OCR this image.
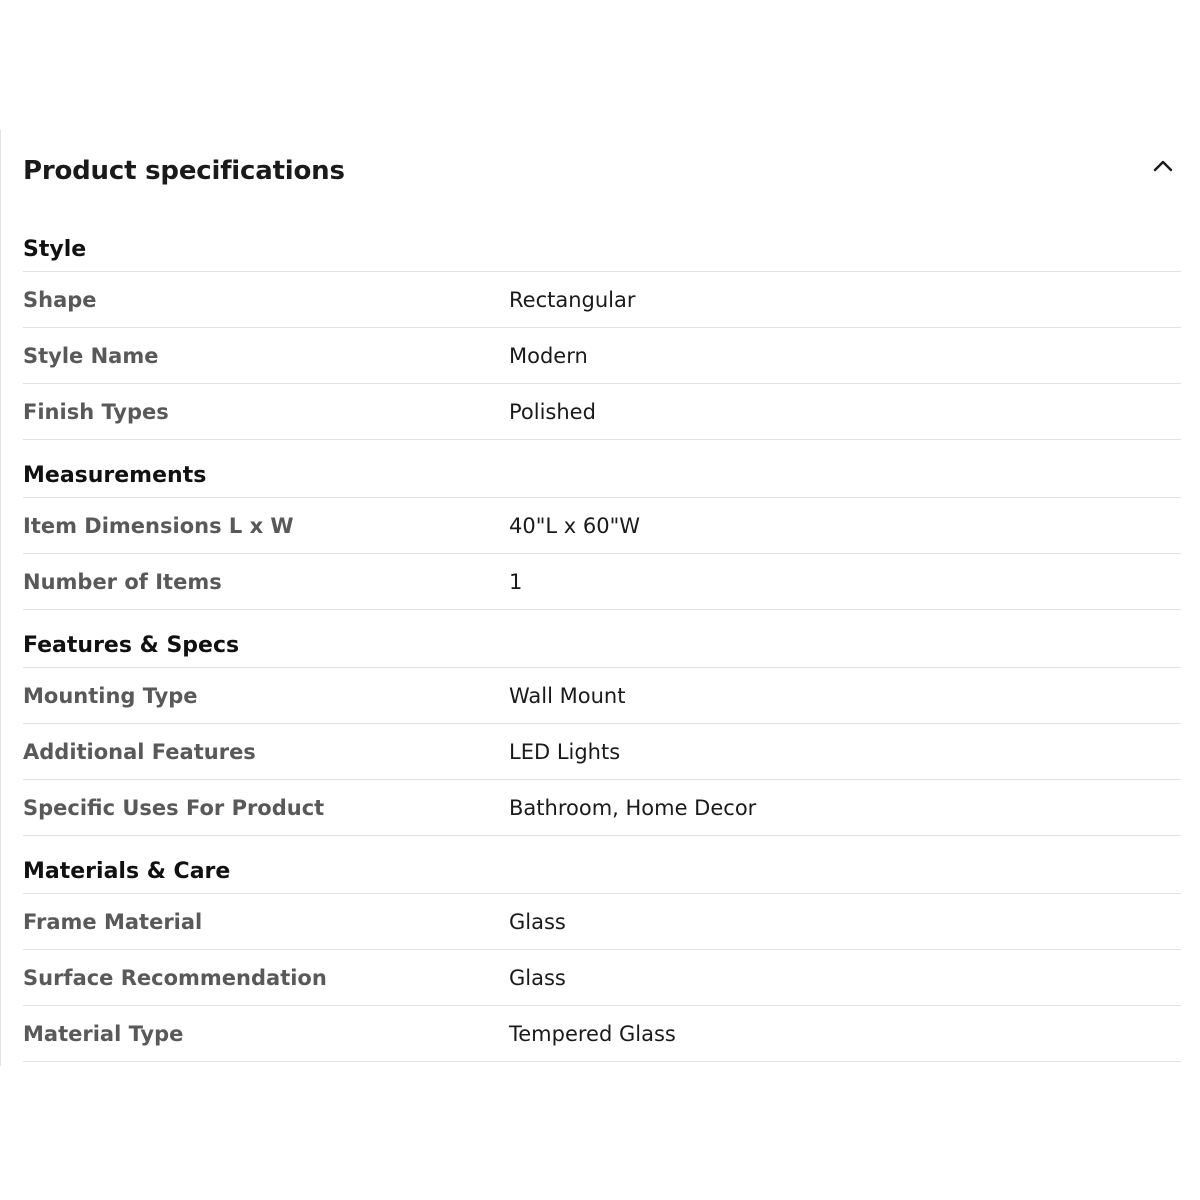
Product specifications
Style
Shape	Rectangular
Style Name	Modern
Finish Types	Polished
Measurements
Item Dimensions L x W	40"L x 60"W
Number of Items	1
Features & Specs
Mounting Type	Wall Mount
Additional Features	LED Lights
Specific Uses For Product	Bathroom, Home Decor
Materials & Care
Frame Material	Glass
Surface Recommendation	Glass
Material Type	Tempered Glass
